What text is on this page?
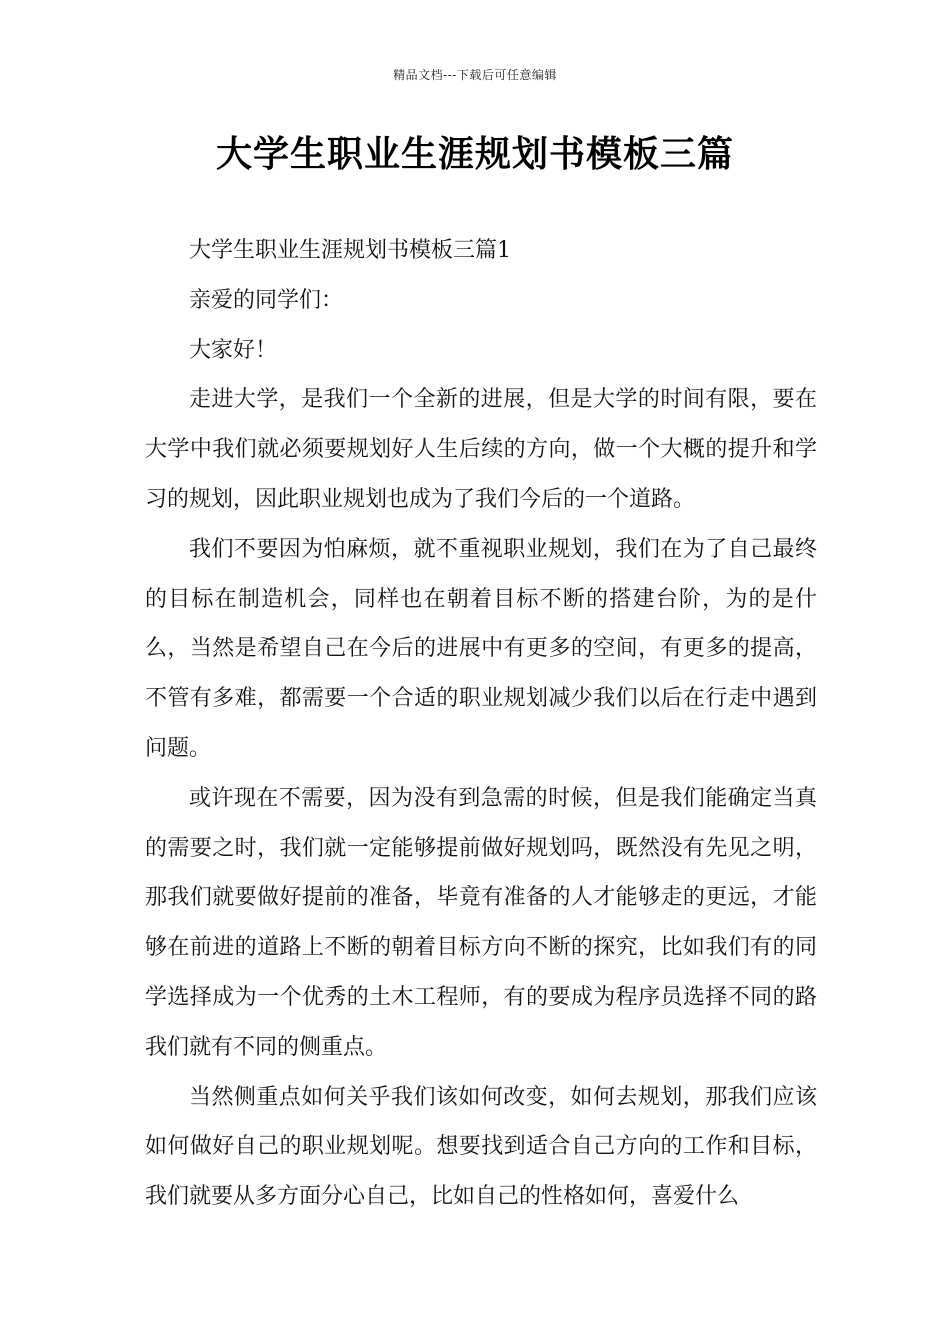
精品文档---下载后可任意编辑
大学生职业生涯规划书模板三篇

大学生职业生涯规划书模板三篇1

亲爱的同学们：

大家好！

走进大学，是我们一个全新的进展，但是大学的时间有限，要在大学中我们就必须要规划好人生后续的方向，做一个大概的提升和学习的规划，因此职业规划也成为了我们今后的一个道路。

我们不要因为怕麻烦，就不重视职业规划，我们在为了自己最终的目标在制造机会，同样也在朝着目标不断的搭建台阶，为的是什么，当然是希望自己在今后的进展中有更多的空间，有更多的提高，不管有多难，都需要一个合适的职业规划减少我们以后在行走中遇到问题。

或许现在不需要，因为没有到急需的时候，但是我们能确定当真的需要之时，我们就一定能够提前做好规划吗，既然没有先见之明，那我们就要做好提前的准备，毕竟有准备的人才能够走的更远，才能够在前进的道路上不断的朝着目标方向不断的探究，比如我们有的同学选择成为一个优秀的土木工程师，有的要成为程序员选择不同的路我们就有不同的侧重点。

当然侧重点如何关乎我们该如何改变，如何去规划，那我们应该如何做好自己的职业规划呢。想要找到适合自己方向的工作和目标，我们就要从多方面分心自己，比如自己的性格如何，喜爱什么
